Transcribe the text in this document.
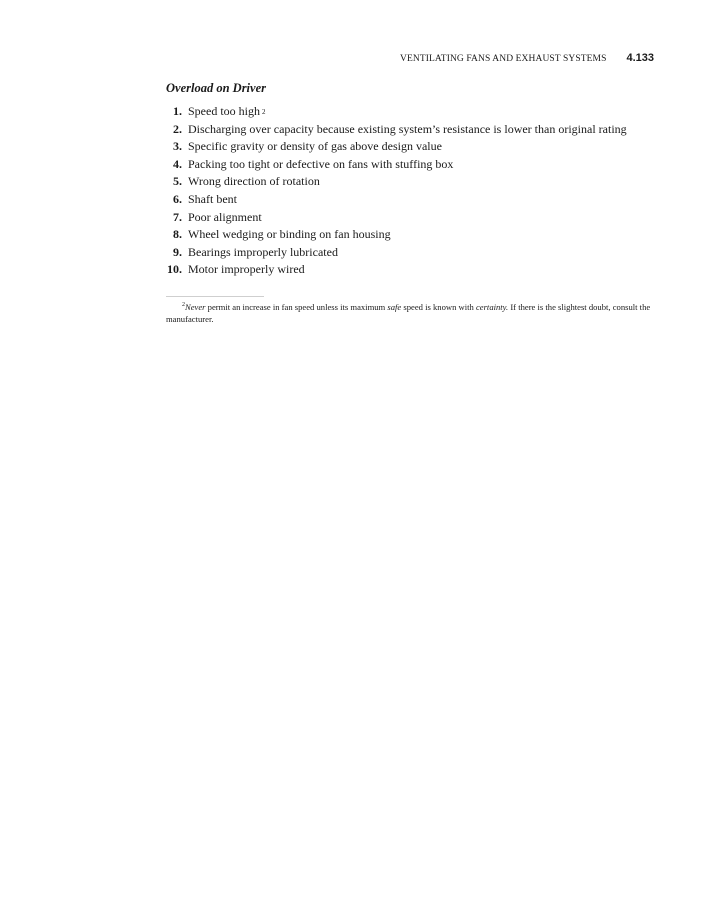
VENTILATING FANS AND EXHAUST SYSTEMS 4.133
Overload on Driver
1. Speed too high $^2$
2. Discharging over capacity because existing system’s resistance is lower than original rating
3. Specific gravity or density of gas above design value
4. Packing too tight or defective on fans with stuffing box
5. Wrong direction of rotation
6. Shaft bent
7. Poor alignment
8. Wheel wedging or binding on fan housing
9. Bearings improperly lubricated
10. Motor improperly wired

$^2$Never permit an increase in fan speed unless its maximum safe speed is known with certainty. If there is the slightest doubt, consult the manufacturer.
